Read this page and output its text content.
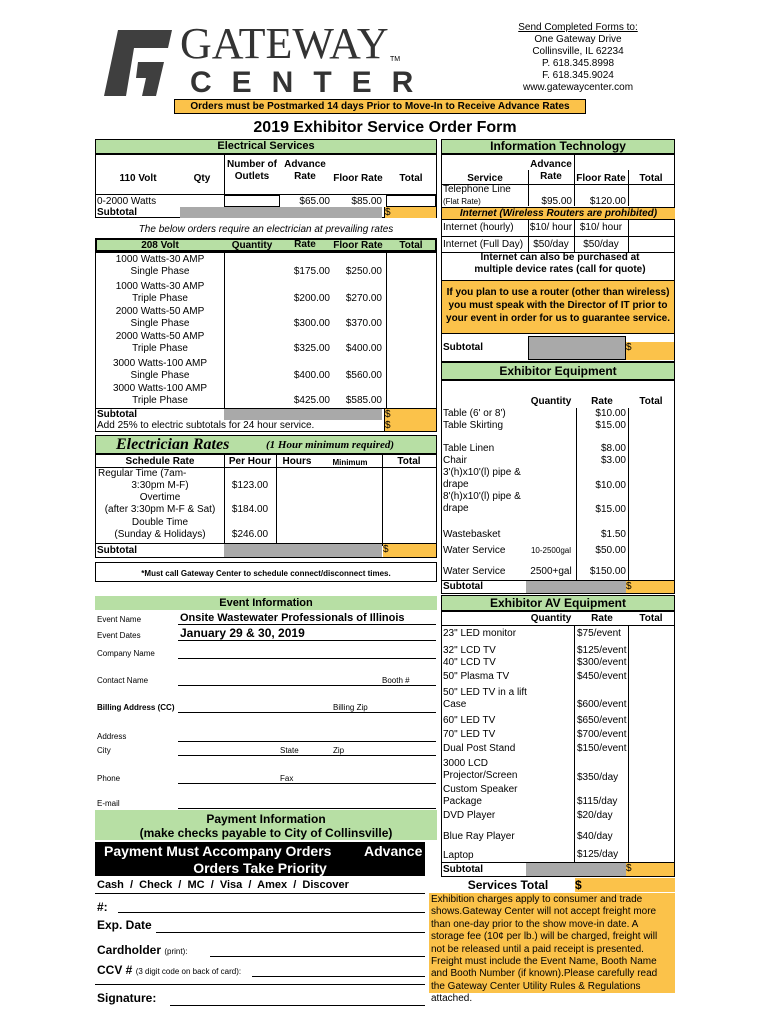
GATEWAY TM
CENTER
Send Completed Forms to:
One Gateway Drive
Collinsville, IL 62234
P. 618.345.8998
F. 618.345.9024
www.gatewaycenter.com
Orders must be Postmarked 14 days Prior to Move-In to Receive Advance Rates
2019 Exhibitor Service Order Form
Electrical Services
110 Volt	Qty
Number of Outlets
Advance Rate	Floor Rate	Total
0-2000 Watts	$65.00	$85.00
Subtotal	$
The below orders require an electrician at prevailing rates
208 Volt	Quantity	Rate	Floor Rate	Total
1000 Watts-30 AMP
Single Phase	$175.00	$250.00
1000 Watts-30 AMP
Triple Phase	$200.00	$270.00
2000 Watts-50 AMP
Single Phase	$300.00	$370.00
2000 Watts-50 AMP
Triple Phase	$325.00	$400.00
3000 Watts-100 AMP
Single Phase	$400.00	$560.00
3000 Watts-100 AMP
Triple Phase	$425.00	$585.00
Subtotal	$
Add 25% to electric subtotals for 24 hour service.	$
Electrician Rates	(1 Hour minimum required)
Schedule Rate	Per Hour	Hours	Minimum	Total
Regular Time (7am-
3:30pm M-F)	$123.00
Overtime
(after 3:30pm M-F & Sat)	$184.00
Double Time
(Sunday & Holidays)	$246.00
Subtotal	$
*Must call Gateway Center to schedule connect/disconnect times.
Event Information
Event Name	Onsite Wastewater Professionals of Illinois
Event Dates	January 29 & 30, 2019
Company Name
Contact Name	Booth #
Billing Address (CC)	Billing Zip
Address
City	State	Zip
Phone	Fax
E-mail
Payment Information
(make checks payable to City of Collinsville)
Payment Must Accompany Orders	Advance
Orders Take Priority
Cash  /  Check  /  MC  /  Visa  /  Amex  /  Discover
#:
Exp. Date
Cardholder (print):
CCV # (3 digit code on back of card):
Signature:
Information Technology
Service
Advance Rate	Floor Rate	Total
Telephone Line
(Flat Rate)	$95.00	$120.00
Internet (Wireless Routers are prohibited)
Internet (hourly)	$10/ hour $10/ hour
Internet (Full Day)	$50/day	$50/day
Internet can also be purchased at multiple device rates (call for quote)
If you plan to use a router (other than wireless) you must speak with the Director of IT prior to your event in order for us to guarantee service.
Subtotal	$
Exhibitor Equipment
Quantity	Rate	Total
Table (6' or 8')	$10.00
Table Skirting	$15.00
Table Linen	$8.00
Chair	$3.00
3'(h)x10'(l) pipe & drape	$10.00
8'(h)x10'(l) pipe & drape	$15.00
Wastebasket	$1.50
Water Service	10-2500gal	$50.00
Water Service	2500+gal	$150.00
Subtotal	$
Exhibitor AV Equipment
Quantity	Rate	Total
23" LED monitor	$75/event
32" LCD TV	$125/event
40" LCD TV	$300/event
50" Plasma TV	$450/event
50" LED TV in a lift Case	$600/event
60" LED TV	$650/event
70" LED TV	$700/event
Dual Post Stand	$150/event
3000 LCD Projector/Screen	$350/day
Custom Speaker Package	$115/day
DVD Player	$20/day
Blue Ray Player	$40/day
Laptop	$125/day
Subtotal	$
Services Total	$
Exhibition charges apply to consumer and trade shows.Gateway Center will not accept freight more than one-day prior to the show move-in date. A storage fee (10¢ per lb.) will be charged, freight will not be released until a paid receipt is presented. Freight must include the Event Name, Booth Name and Booth Number (if known).Please carefully read the Gateway Center Utility Rules & Regulations attached.
